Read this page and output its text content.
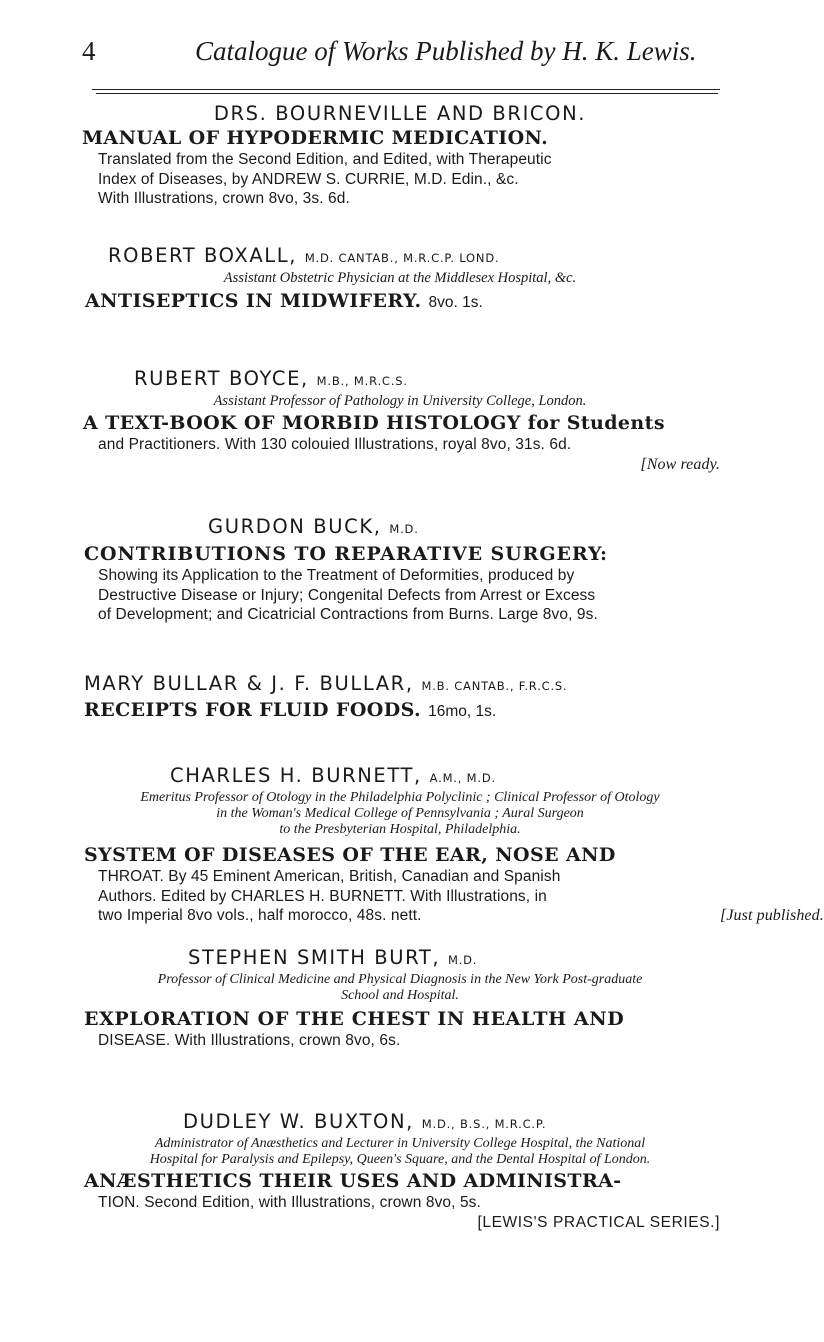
4	Catalogue of Works Published by H. K. Lewis.
DRS. BOURNEVILLE AND BRICON.
MANUAL OF HYPODERMIC MEDICATION.
Translated from the Second Edition, and Edited, with Therapeutic
Index of Diseases, by ANDREW S. CURRIE, M.D. Edin., &c.
With Illustrations, crown 8vo, 3s. 6d.
ROBERT BOXALL, M.D. CANTAB., M.R.C.P. LOND.
Assistant Obstetric Physician at the Middlesex Hospital, &c.
ANTISEPTICS IN MIDWIFERY. 8vo. 1s.
RUBERT BOYCE, M.B., M.R.C.S.
Assistant Professor of Pathology in University College, London.
A TEXT-BOOK OF MORBID HISTOLOGY for Students
and Practitioners. With 130 colouied Illustrations, royal 8vo, 31s. 6d.
[Now ready.
GURDON BUCK, M.D.
CONTRIBUTIONS TO REPARATIVE SURGERY:
Showing its Application to the Treatment of Deformities, produced by
Destructive Disease or Injury; Congenital Defects from Arrest or Excess
of Development; and Cicatricial Contractions from Burns. Large 8vo, 9s.
MARY BULLAR & J. F. BULLAR, M.B. CANTAB., F.R.C.S.
RECEIPTS FOR FLUID FOODS. 16mo, 1s.
CHARLES H. BURNETT, A.M., M.D.
Emeritus Professor of Otology in the Philadelphia Polyclinic ; Clinical Professor of Otology
in the Woman's Medical College of Pennsylvania ; Aural Surgeon
to the Presbyterian Hospital, Philadelphia.
SYSTEM OF DISEASES OF THE EAR, NOSE AND
THROAT. By 45 Eminent American, British, Canadian and Spanish
Authors. Edited by CHARLES H. BURNETT. With Illustrations, in
two Imperial 8vo vols., half morocco, 48s. nett.	[Just published.
STEPHEN SMITH BURT, M.D.
Professor of Clinical Medicine and Physical Diagnosis in the New York Post-graduate
School and Hospital.
EXPLORATION OF THE CHEST IN HEALTH AND
DISEASE. With Illustrations, crown 8vo, 6s.
DUDLEY W. BUXTON, M.D., B.S., M.R.C.P.
Administrator of Anæsthetics and Lecturer in University College Hospital, the National
Hospital for Paralysis and Epilepsy, Queen's Square, and the Dental Hospital of London.
ANÆSTHETICS THEIR USES AND ADMINISTRA-
TION. Second Edition, with Illustrations, crown 8vo, 5s.
[LEWIS'S PRACTICAL SERIES.]
